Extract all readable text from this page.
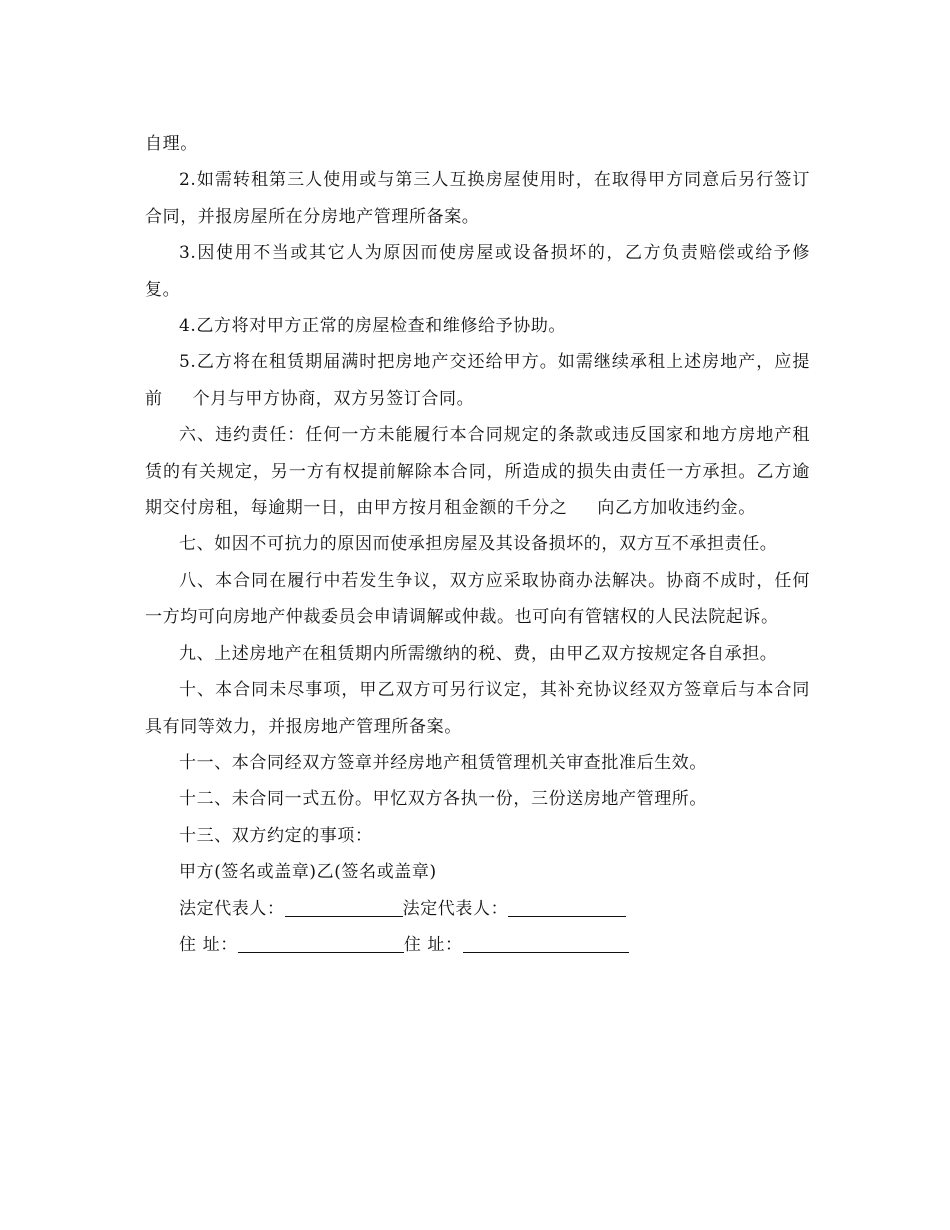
自理。

2.如需转租第三人使用或与第三人互换房屋使用时，在取得甲方同意后另行签订合同，并报房屋所在分房地产管理所备案。

3.因使用不当或其它人为原因而使房屋或设备损坏的，乙方负责赔偿或给予修复。

4.乙方将对甲方正常的房屋检查和维修给予协助。

5.乙方将在租赁期届满时把房地产交还给甲方。如需继续承租上述房地产，应提前 个月与甲方协商，双方另签订合同。

六、违约责任：任何一方未能履行本合同规定的条款或违反国家和地方房地产租赁的有关规定，另一方有权提前解除本合同，所造成的损失由责任一方承担。乙方逾期交付房租，每逾期一日，由甲方按月租金额的千分之 向乙方加收违约金。

七、如因不可抗力的原因而使承担房屋及其设备损坏的，双方互不承担责任。

八、本合同在履行中若发生争议，双方应采取协商办法解决。协商不成时，任何一方均可向房地产仲裁委员会申请调解或仲裁。也可向有管辖权的人民法院起诉。

九、上述房地产在租赁期内所需缴纳的税、费，由甲乙双方按规定各自承担。

十、本合同未尽事项，甲乙双方可另行议定，其补充协议经双方签章后与本合同具有同等效力，并报房地产管理所备案。

十一、本合同经双方签章并经房地产租赁管理机关审查批准后生效。

十二、未合同一式五份。甲忆双方各执一份，三份送房地产管理所。

十三、双方约定的事项：

甲方(签名或盖章)乙(签名或盖章)

法定代表人：	法定代表人：

住 址：	住 址：
